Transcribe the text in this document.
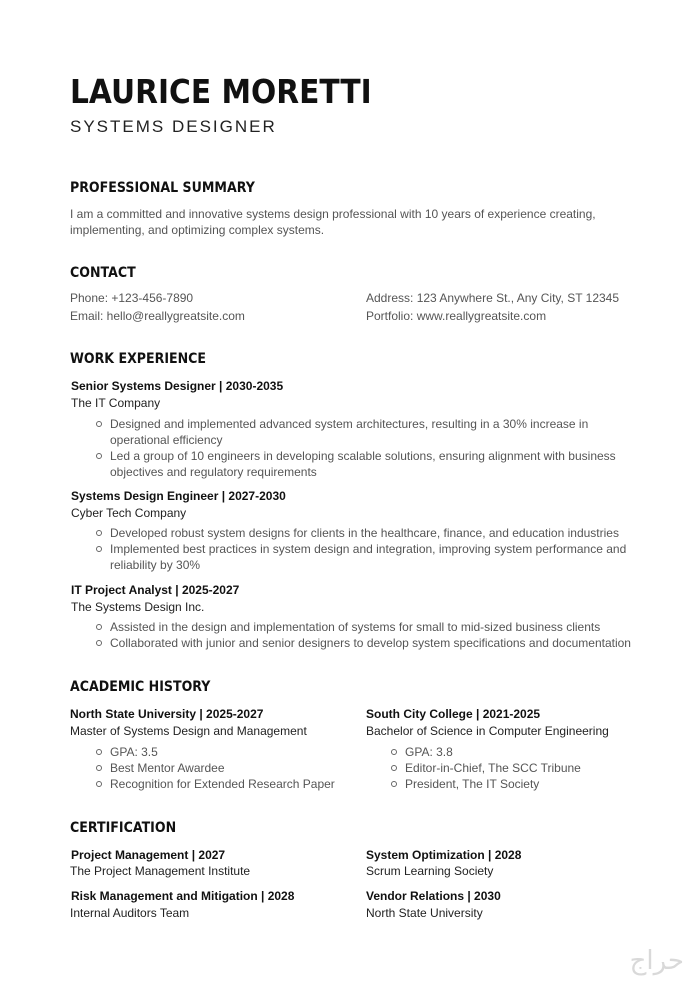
LAURICE MORETTI
SYSTEMS DESIGNER
PROFESSIONAL SUMMARY
I am a committed and innovative systems design professional with 10 years of experience creating,
implementing, and optimizing complex systems.
CONTACT
Phone: +123-456-7890
Email: hello@reallygreatsite.com
Address: 123 Anywhere St., Any City, ST 12345
Portfolio: www.reallygreatsite.com
WORK EXPERIENCE
Senior Systems Designer | 2030-2035
The IT Company
Designed and implemented advanced system architectures, resulting in a 30% increase in
operational efficiency
Led a group of 10 engineers in developing scalable solutions, ensuring alignment with business
objectives and regulatory requirements
Systems Design Engineer | 2027-2030
Cyber Tech Company
Developed robust system designs for clients in the healthcare, finance, and education industries
Implemented best practices in system design and integration, improving system performance and
reliability by 30%
IT Project Analyst | 2025-2027
The Systems Design Inc.
Assisted in the design and implementation of systems for small to mid-sized business clients
Collaborated with junior and senior designers to develop system specifications and documentation
ACADEMIC HISTORY
North State University | 2025-2027
Master of Systems Design and Management
GPA: 3.5
Best Mentor Awardee
Recognition for Extended Research Paper
South City College | 2021-2025
Bachelor of Science in Computer Engineering
GPA: 3.8
Editor-in-Chief, The SCC Tribune
President, The IT Society
CERTIFICATION
Project Management | 2027
The Project Management Institute
System Optimization | 2028
Scrum Learning Society
Risk Management and Mitigation | 2028
Internal Auditors Team
Vendor Relations | 2030
North State University
حراج
